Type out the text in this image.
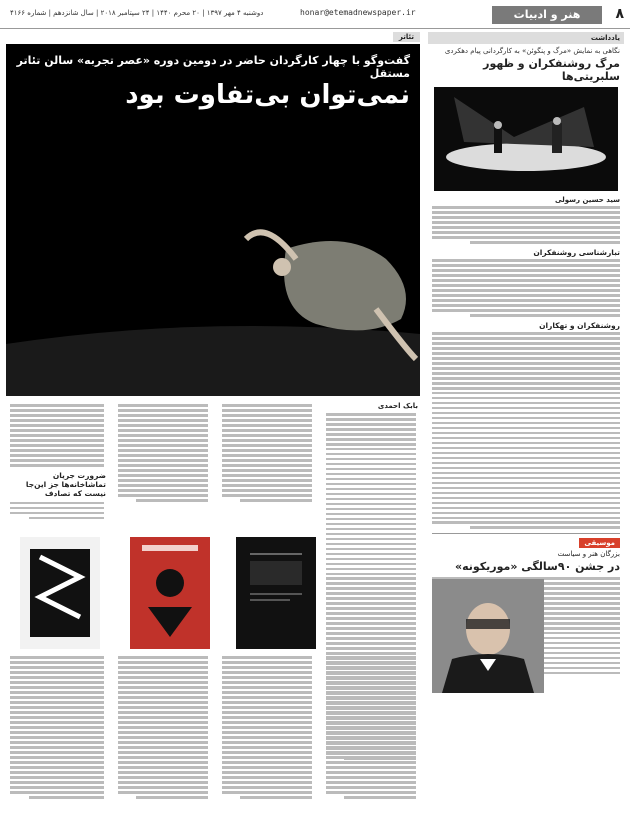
۸
هنر و ادبیات
honar@etemadnewspaper.ir
دوشنبه ۴ مهر ۱۳۹۷ | ۲۰ محرم ۱۴۴۰ | ۲۴ سپتامبر ۲۰۱۸ | سال شانزدهم | شماره ۴۱۶۶
یادداشت
نگاهی به نمایش «مرگ و پنگوئن» به کارگردانی پیام دهکردی
مرگ روشنفکران و ظهور سلبریتی‌ها
سید حسین رسولی
تبارشناسی روشنفکران
روشنفکران و تهکاران
موسیقی
بزرگان هنر و سیاست
در جشن ۹۰سالگی «موریکونه»
تئاتر
گفت‌وگو با چهار کارگردان حاضر در دومین دوره «عصر تجربه» سالن تئاتر مستقل
نمی‌توان بی‌تفاوت بود
بابک احمدی
ضرورت جریان تماشاخانه‌ها جز این‌جا نیست که تصادف
